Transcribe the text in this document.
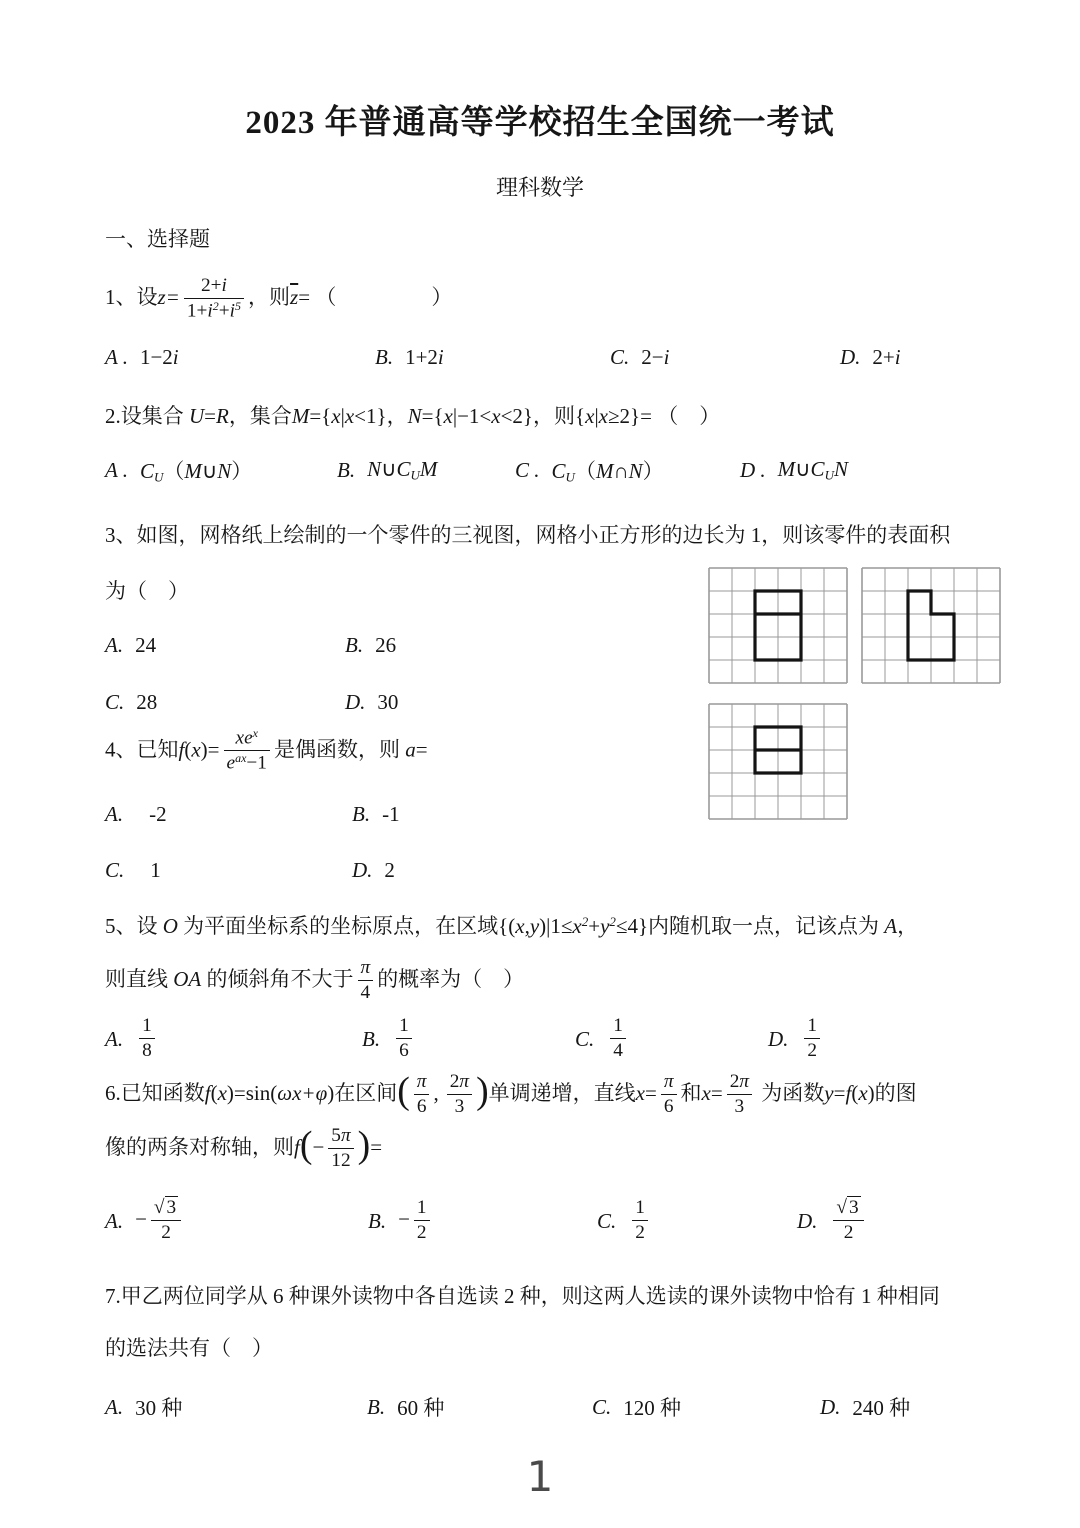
2023 年普通高等学校招生全国统一考试
理科数学
一、选择题
1、设$z= \frac{2+i}{1+i^2+i^5}$ ，则$\overline{z}=$ （	）
A . 1−2i	B. 1+2i	C. 2−i	D. 2+i
2.设集合 U=R，集合M={x|x<1}，N={x|−1<x<2}，则{x|x≥2}= （　）
A . CU（M∪N）	B. N∪CUM	C . CU（M∩N）	D . M∪CUN
3、如图，网格纸上绘制的一个零件的三视图，网格小正方形的边长为 1，则该零件的表面积
为（　）
A. 24	B. 26
C. 28	D. 30
4、已知$f(x)= \frac{xe^x}{e^{ax}-1}$ 是偶函数，则 a=
A.	-2	B. -1
C.	1	D. 2
5、设 O 为平面坐标系的坐标原点，在区域$\{(x,y)|1\le x^2+y^2\le 4\}$内随机取一点，记该点为 A，
则直线 OA 的倾斜角不大于 $\frac{\pi}{4}$ 的概率为（　）
A. $\frac{1}{8}$	B. $\frac{1}{6}$	C. $\frac{1}{4}$	D. $\frac{1}{2}$
6.已知函数f(x)=sin(ωx+φ)在区间( $\frac{\pi}{6}$ , $\frac{2\pi}{3}$ )单调递增，直线$x= \frac{\pi}{6}$ 和$x= \frac{2\pi}{3}$ 为函数y=f(x)的图
像的两条对称轴，则$f(- \frac{5\pi}{12}$ )=
A. − $\frac{√ 3}{2}$	B. − $\frac{1}{2}$	C. $\frac{1}{2}$	D. $\frac{√ 3}{2}$
7.甲乙两位同学从 6 种课外读物中各自选读 2 种，则这两人选读的课外读物中恰有 1 种相同
的选法共有（　）
A. 30 种	B. 60 种	C. 120 种	D. 240 种
1
